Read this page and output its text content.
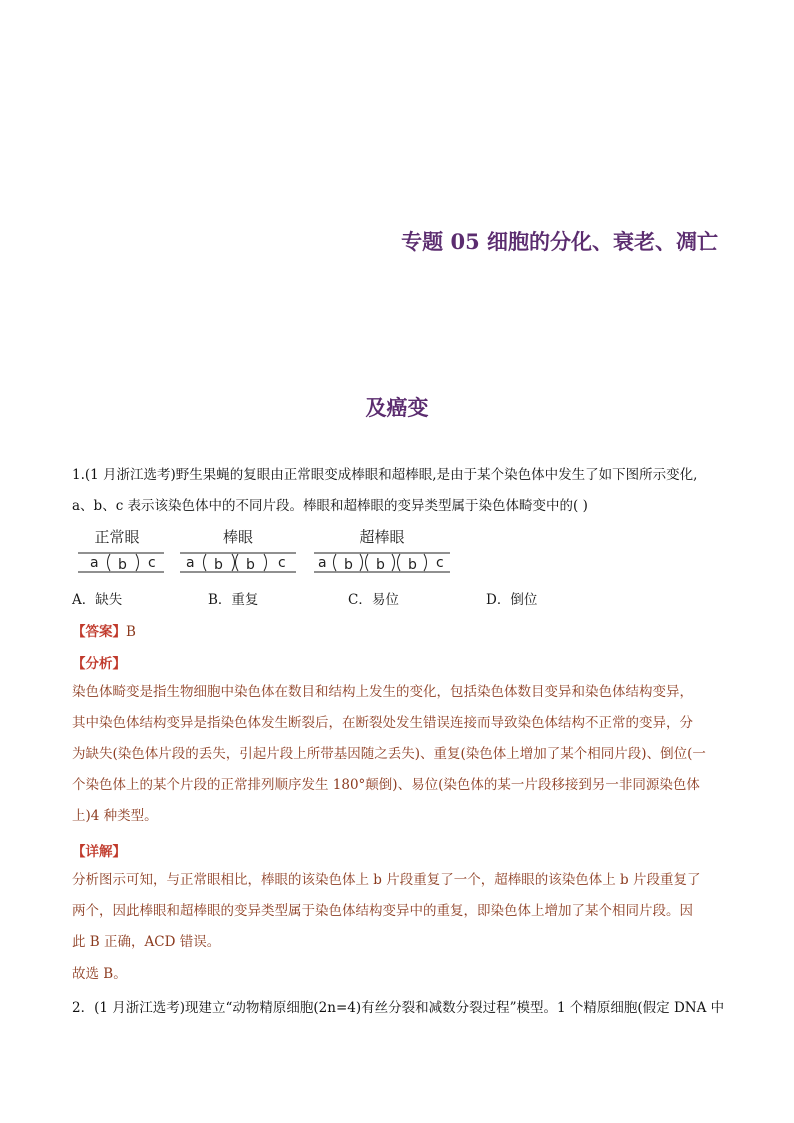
专题 05 细胞的分化、衰老、凋亡
及癌变
1.(1 月浙江选考)野生果蝇的复眼由正常眼变成棒眼和超棒眼,是由于某个染色体中发生了如下图所示变化,
a、b、c 表示该染色体中的不同片段。棒眼和超棒眼的变异类型属于染色体畸变中的( )
正常眼	棒眼	超棒眼
a b c a b b c a b b b c
A．缺失	B．重复	C．易位	D．倒位
【答案】B
【分析】
染色体畸变是指生物细胞中染色体在数目和结构上发生的变化，包括染色体数目变异和染色体结构变异，
其中染色体结构变异是指染色体发生断裂后，在断裂处发生错误连接而导致染色体结构不正常的变异，分
为缺失(染色体片段的丢失，引起片段上所带基因随之丢失)、重复(染色体上增加了某个相同片段)、倒位(一
个染色体上的某个片段的正常排列顺序发生 180°颠倒)、易位(染色体的某一片段移接到另一非同源染色体
上)4 种类型。
【详解】
分析图示可知，与正常眼相比，棒眼的该染色体上 b 片段重复了一个，超棒眼的该染色体上 b 片段重复了
两个，因此棒眼和超棒眼的变异类型属于染色体结构变异中的重复，即染色体上增加了某个相同片段。因
此 B 正确，ACD 错误。
故选 B。
2．(1 月浙江选考)现建立“动物精原细胞(2n=4)有丝分裂和减数分裂过程”模型。1 个精原细胞(假定 DNA 中
